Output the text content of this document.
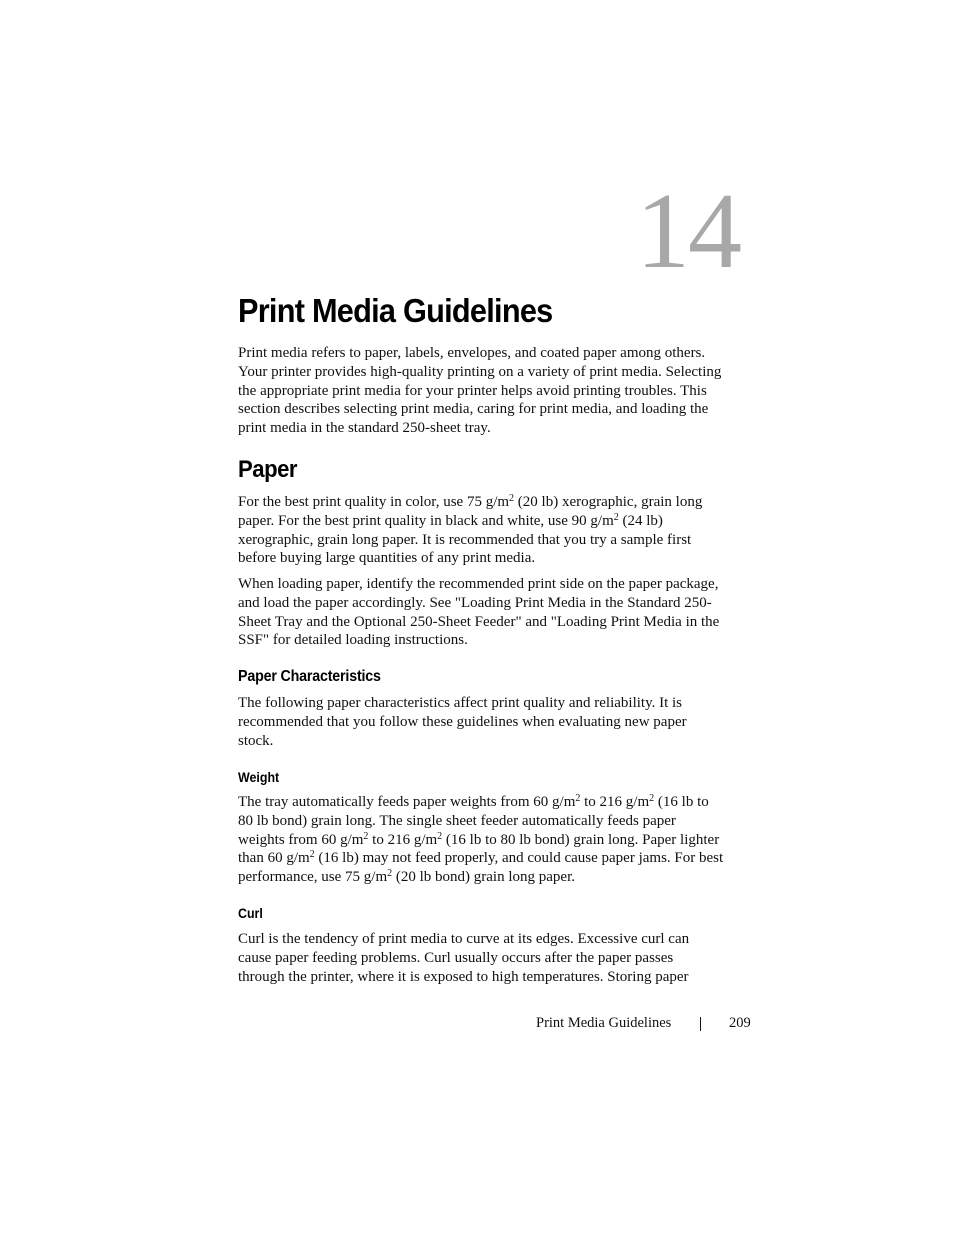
14
Print Media Guidelines

Print media refers to paper, labels, envelopes, and coated paper among others.
Your printer provides high-quality printing on a variety of print media. Selecting
the appropriate print media for your printer helps avoid printing troubles. This
section describes selecting print media, caring for print media, and loading the
print media in the standard 250-sheet tray.

Paper

For the best print quality in color, use 75 $g/m^2$ (20 lb) xerographic, grain long
paper. For the best print quality in black and white, use 90 $g/m^2$ (24 lb)
xerographic, grain long paper. It is recommended that you try a sample first
before buying large quantities of any print media.

When loading paper, identify the recommended print side on the paper package,
and load the paper accordingly. See "Loading Print Media in the Standard 250-
Sheet Tray and the Optional 250-Sheet Feeder" and "Loading Print Media in the
SSF" for detailed loading instructions.

Paper Characteristics

The following paper characteristics affect print quality and reliability. It is
recommended that you follow these guidelines when evaluating new paper
stock.

Weight

The tray automatically feeds paper weights from 60 $g/m^2$ to 216 $g/m^2$ (16 lb to
80 lb bond) grain long. The single sheet feeder automatically feeds paper
weights from 60 $g/m^2$ to 216 $g/m^2$ (16 lb to 80 lb bond) grain long. Paper lighter
than 60 $g/m^2$ (16 lb) may not feed properly, and could cause paper jams. For best
performance, use 75 $g/m^2$ (20 lb bond) grain long paper.

Curl

Curl is the tendency of print media to curve at its edges. Excessive curl can
cause paper feeding problems. Curl usually occurs after the paper passes
through the printer, where it is exposed to high temperatures. Storing paper

Print Media Guidelines	209
